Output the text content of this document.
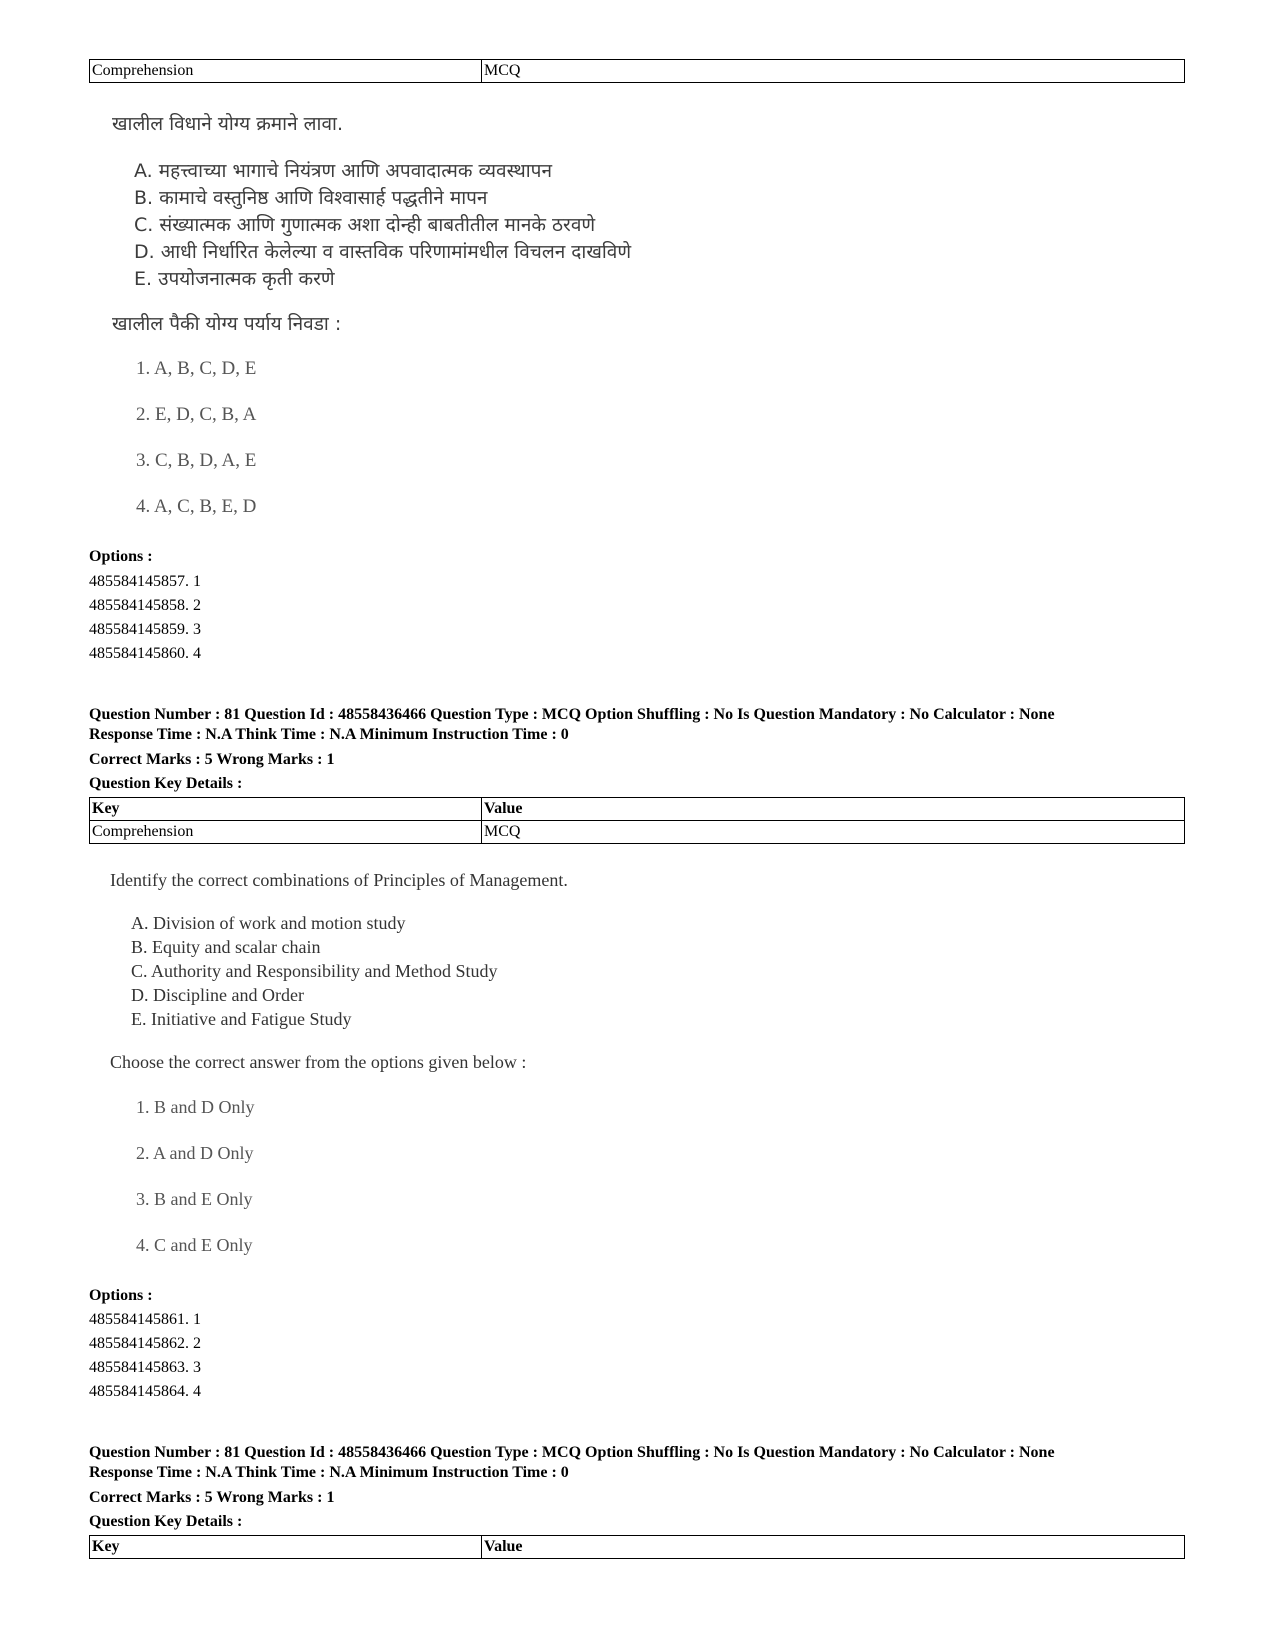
Comprehension	MCQ
खालील विधाने योग्य क्रमाने लावा.
A. महत्त्वाच्या भागाचे नियंत्रण आणि अपवादात्मक व्यवस्थापन
B. कामाचे वस्तुनिष्ठ आणि विश्वासार्ह पद्धतीने मापन
C. संख्यात्मक आणि गुणात्मक अशा दोन्ही बाबतीतील मानके ठरवणे
D. आधी निर्धारित केलेल्या व वास्तविक परिणामांमधील विचलन दाखविणे
E. उपयोजनात्मक कृती करणे
खालील पैकी योग्य पर्याय निवडा :
1. A, B, C, D, E
2. E, D, C, B, A
3. C, B, D, A, E
4. A, C, B, E, D
Options :
485584145857. 1
485584145858. 2
485584145859. 3
485584145860. 4
Question Number : 81 Question Id : 48558436466 Question Type : MCQ Option Shuffling : No Is Question Mandatory : No Calculator : None
Response Time : N.A Think Time : N.A Minimum Instruction Time : 0
Correct Marks : 5 Wrong Marks : 1
Question Key Details :
Key	Value
Comprehension	MCQ
Identify the correct combinations of Principles of Management.
A. Division of work and motion study
B. Equity and scalar chain
C. Authority and Responsibility and Method Study
D. Discipline and Order
E. Initiative and Fatigue Study
Choose the correct answer from the options given below :
1. B and D Only
2. A and D Only
3. B and E Only
4. C and E Only
Options :
485584145861. 1
485584145862. 2
485584145863. 3
485584145864. 4
Question Number : 81 Question Id : 48558436466 Question Type : MCQ Option Shuffling : No Is Question Mandatory : No Calculator : None
Response Time : N.A Think Time : N.A Minimum Instruction Time : 0
Correct Marks : 5 Wrong Marks : 1
Question Key Details :
Key	Value
